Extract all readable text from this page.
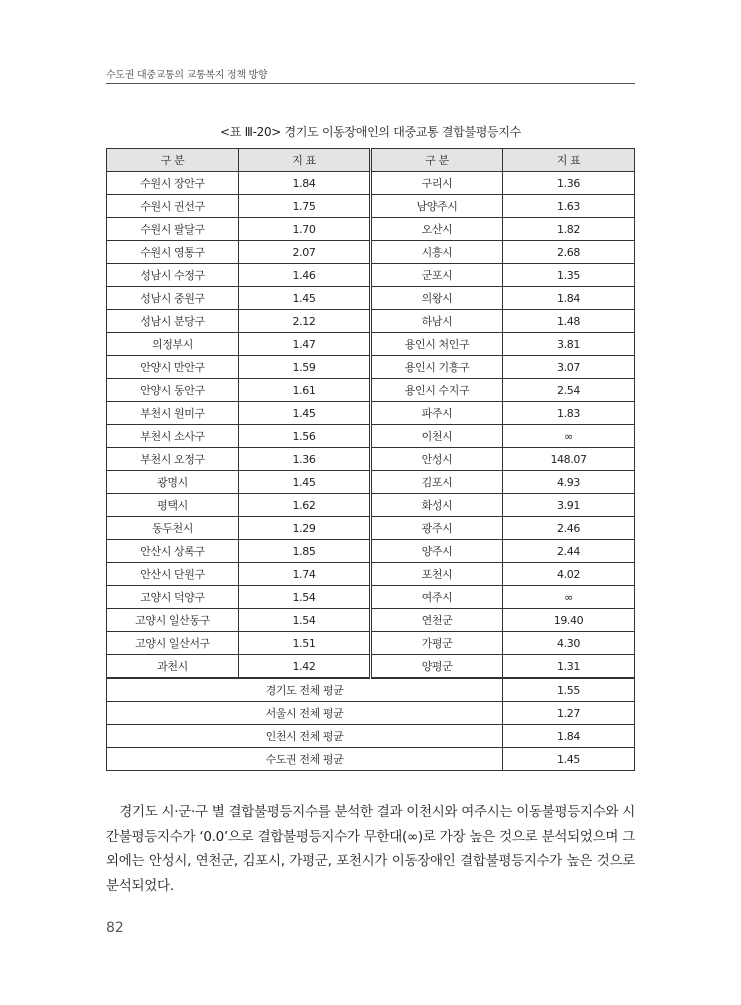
수도권 대중교통의 교통복지 정책 방향
<표 Ⅲ-20> 경기도 이동장애인의 대중교통 결합불평등지수
구 분	지 표	구 분	지 표
수원시 장안구	1.84	구리시	1.36
수원시 권선구	1.75	남양주시	1.63
수원시 팔달구	1.70	오산시	1.82
수원시 영통구	2.07	시흥시	2.68
성남시 수정구	1.46	군포시	1.35
성남시 중원구	1.45	의왕시	1.84
성남시 분당구	2.12	하남시	1.48
의정부시	1.47	용인시 처인구	3.81
안양시 만안구	1.59	용인시 기흥구	3.07
안양시 동안구	1.61	용인시 수지구	2.54
부천시 원미구	1.45	파주시	1.83
부천시 소사구	1.56	이천시	∞
부천시 오정구	1.36	안성시	148.07
광명시	1.45	김포시	4.93
평택시	1.62	화성시	3.91
동두천시	1.29	광주시	2.46
안산시 상록구	1.85	양주시	2.44
안산시 단원구	1.74	포천시	4.02
고양시 덕양구	1.54	여주시	∞
고양시 일산동구	1.54	연천군	19.40
고양시 일산서구	1.51	가평군	4.30
과천시	1.42	양평군	1.31
경기도 전체 평균			1.55
서울시 전체 평균			1.27
인천시 전체 평균			1.84
수도권 전체 평균			1.45

　경기도 시·군·구 별 결합불평등지수를 분석한 결과 이천시와 여주시는 이동불평등지수와 시간불평등지수가 ‘0.0’으로 결합불평등지수가 무한대(∞)로 가장 높은 것으로 분석되었으며 그 외에는 안성시, 연천군, 김포시, 가평군, 포천시가 이동장애인 결합불평등지수가 높은 것으로 분석되었다.

82
